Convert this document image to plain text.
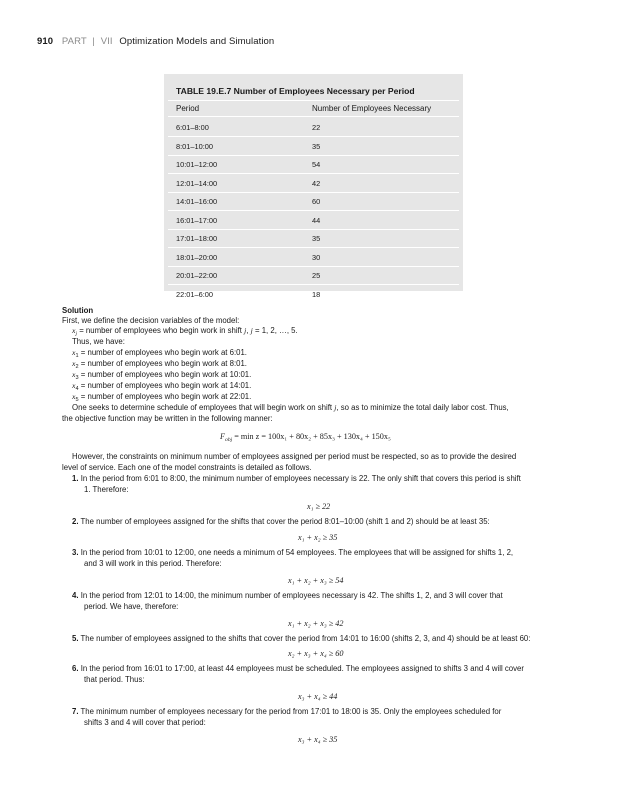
910 PART | VII Optimization Models and Simulation
TABLE 19.E.7 Number of Employees Necessary per Period
Period	Number of Employees Necessary
6:01–8:00	22
8:01–10:00	35
10:01–12:00	54
12:01–14:00	42
14:01–16:00	60
16:01–17:00	44
17:01–18:00	35
18:01–20:00	30
20:01–22:00	25
22:01–6:00	18
Solution
First, we define the decision variables of the model:
$x_j$ = number of employees who begin work in shift j, j = 1, 2, …, 5.
Thus, we have:
$x_1$ = number of employees who begin work at 6:01.
$x_2$ = number of employees who begin work at 8:01.
$x_3$ = number of employees who begin work at 10:01.
$x_4$ = number of employees who begin work at 14:01.
$x_5$ = number of employees who begin work at 22:01.
One seeks to determine schedule of employees that will begin work on shift j, so as to minimize the total daily labor cost. Thus,
the objective function may be written in the following manner:
$F_{obj} = \min z = 100x_1 + 80x_2 + 85x_3 + 130x_4 + 150x_5$
However, the constraints on minimum number of employees assigned per period must be respected, so as to provide the desired
level of service. Each one of the model constraints is detailed as follows.
1. In the period from 6:01 to 8:00, the minimum number of employees necessary is 22. The only shift that covers this period is shift
1. Therefore:
x₁ ≥ 22
2. The number of employees assigned for the shifts that cover the period 8:01–10:00 (shift 1 and 2) should be at least 35:
x₁ + x₂ ≥ 35
3. In the period from 10:01 to 12:00, one needs a minimum of 54 employees. The employees that will be assigned for shifts 1, 2,
and 3 will work in this period. Therefore:
x₁ + x₂ + x₃ ≥ 54
4. In the period from 12:01 to 14:00, the minimum number of employees necessary is 42. The shifts 1, 2, and 3 will cover that
period. We have, therefore:
x₁ + x₂ + x₃ ≥ 42
5. The number of employees assigned to the shifts that cover the period from 14:01 to 16:00 (shifts 2, 3, and 4) should be at least 60:
x₂ + x₃ + x₄ ≥ 60
6. In the period from 16:01 to 17:00, at least 44 employees must be scheduled. The employees assigned to shifts 3 and 4 will cover
that period. Thus:
x₃ + x₄ ≥ 44
7. The minimum number of employees necessary for the period from 17:01 to 18:00 is 35. Only the employees scheduled for
shifts 3 and 4 will cover that period:
x₃ + x₄ ≥ 35
